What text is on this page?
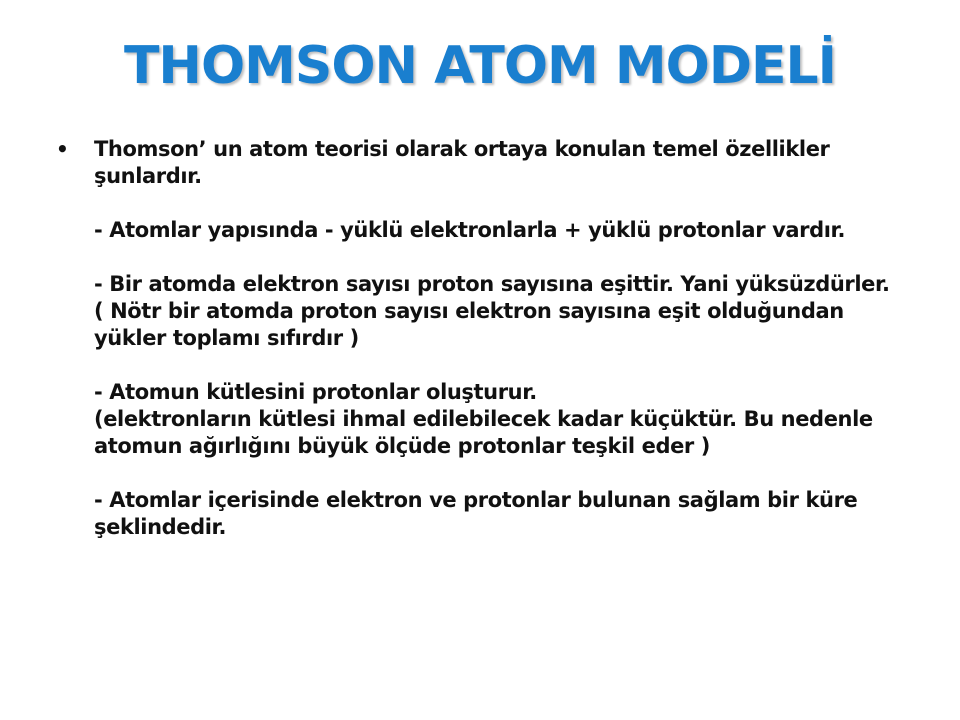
THOMSON ATOM MODELİ
•	Thomson’ un atom teorisi olarak ortaya konulan temel özellikler
şunlardır.
- Atomlar yapısında - yüklü elektronlarla + yüklü protonlar vardır.
- Bir atomda elektron sayısı proton sayısına eşittir. Yani yüksüzdürler.
( Nötr bir atomda proton sayısı elektron sayısına eşit olduğundan
yükler toplamı sıfırdır )
- Atomun kütlesini protonlar oluşturur.
(elektronların kütlesi ihmal edilebilecek kadar küçüktür. Bu nedenle
atomun ağırlığını büyük ölçüde protonlar teşkil eder )
- Atomlar içerisinde elektron ve protonlar bulunan sağlam bir küre
şeklindedir.
